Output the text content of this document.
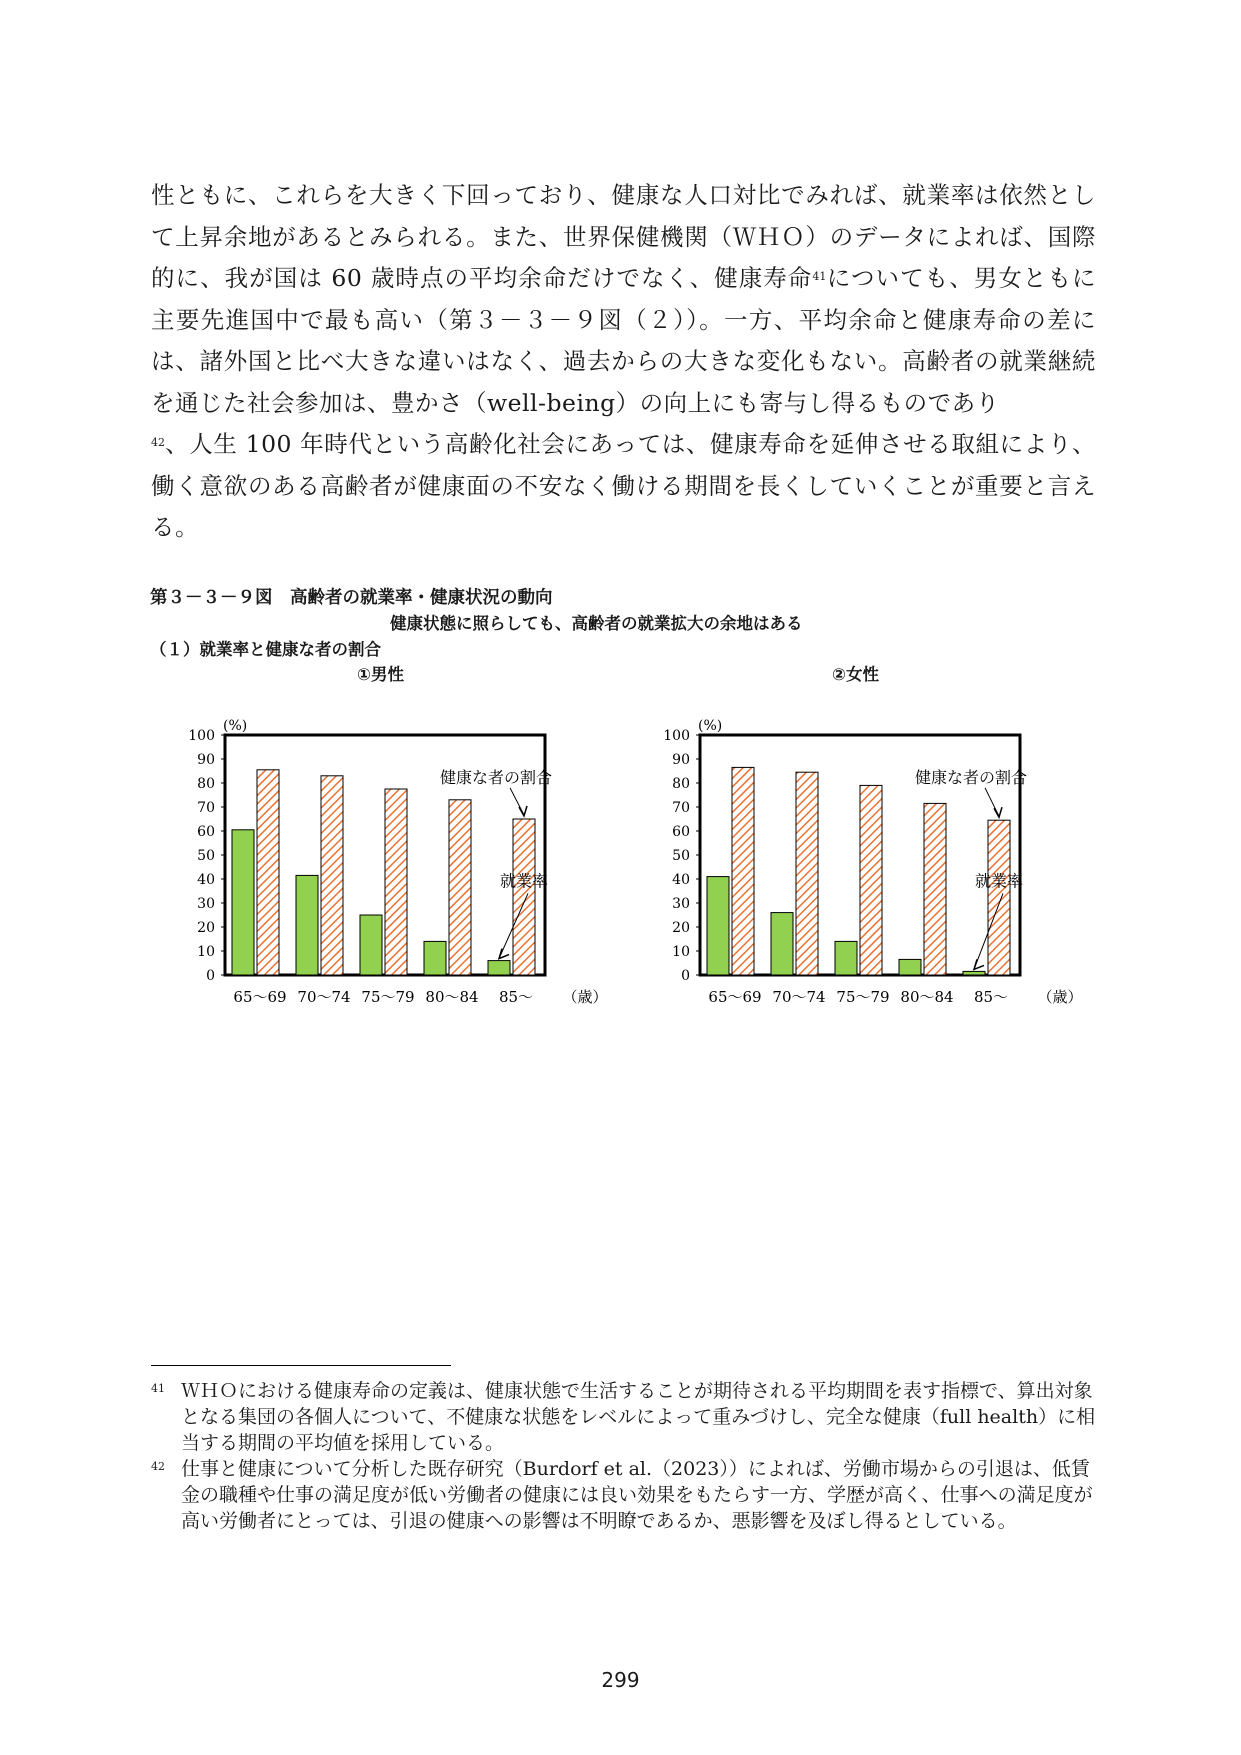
性ともに、これらを大きく下回っており、健康な人口対比でみれば、就業率は依然として上昇余地があるとみられる。また、世界保健機関（ＷＨＯ）のデータによれば、国際的に、我が国は 60 歳時点の平均余命だけでなく、健康寿命$^{41}$についても、男女ともに主要先進国中で最も高い（第３－３－９図（２））。一方、平均余命と健康寿命の差には、諸外国と比べ大きな違いはなく、過去からの大きな変化もない。高齢者の就業継続を通じた社会参加は、豊かさ（well-being）の向上にも寄与し得るものであり
$^{42}$、人生 100 年時代という高齢化社会にあっては、健康寿命を延伸させる取組により、働く意欲のある高齢者が健康面の不安なく働ける期間を長くしていくことが重要と言える。

第３－３－９図　高齢者の就業率・健康状況の動向
健康状態に照らしても、高齢者の就業拡大の余地はある
（１）就業率と健康な者の割合
①男性	②女性
0
10
20
30
40
50
60
70
80
90
100
(%)
65～69 70～74 75～79 80～84 85～ （歳）
健康な者の割合
就業率
0
10
20
30
40
50
60
70
80
90
100
(%)
65～69 70～74 75～79 80～84 85～ （歳）
健康な者の割合
就業率

41 ＷＨＯにおける健康寿命の定義は、健康状態で生活することが期待される平均期間を表す指標で、算出対象となる集団の各個人について、不健康な状態をレベルによって重みづけし、完全な健康（full health）に相当する期間の平均値を採用している。

42 仕事と健康について分析した既存研究（Burdorf et al.（2023））によれば、労働市場からの引退は、低賃金の職種や仕事の満足度が低い労働者の健康には良い効果をもたらす一方、学歴が高く、仕事への満足度が高い労働者にとっては、引退の健康への影響は不明瞭であるか、悪影響を及ぼし得るとしている。

299
